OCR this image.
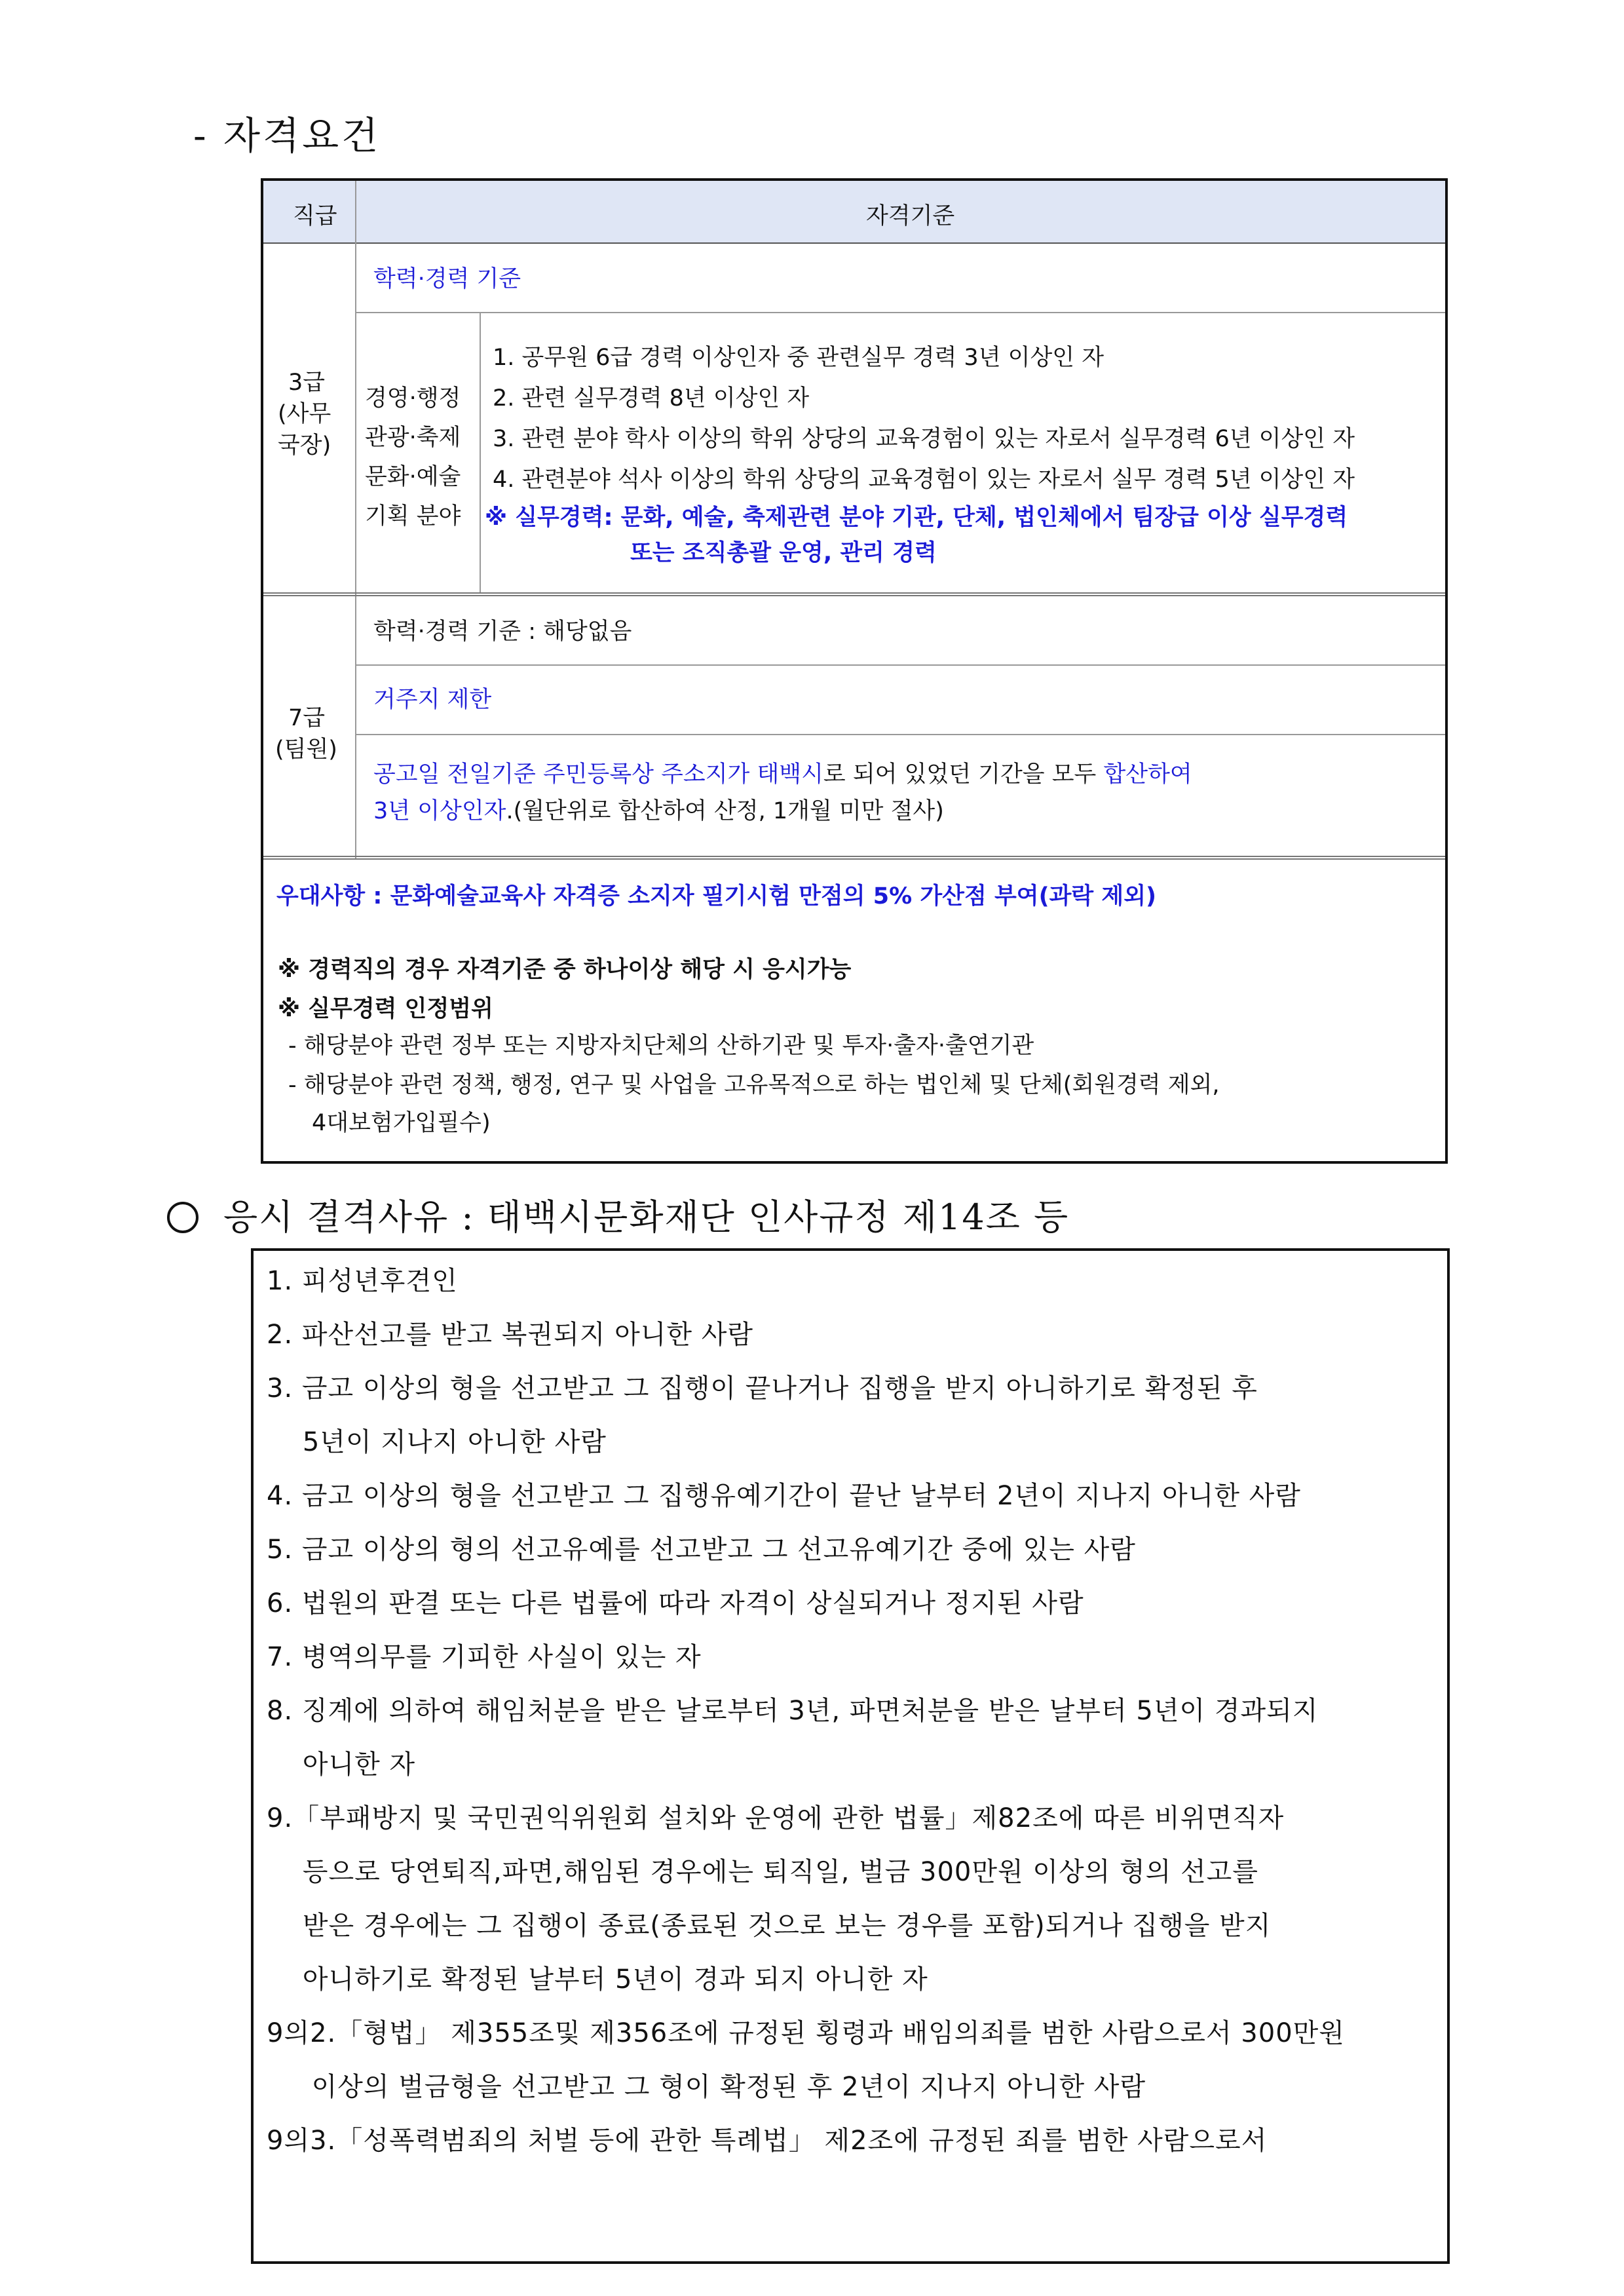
- 자격요건
직급	자격기준
학력·경력 기준
3급
(사무
국장)
경영·행정
관광·축제
문화·예술
기획 분야
1. 공무원 6급 경력 이상인자 중 관련실무 경력 3년 이상인 자
2. 관련 실무경력 8년 이상인 자
3. 관련 분야 학사 이상의 학위 상당의 교육경험이 있는 자로서 실무경력 6년 이상인 자
4. 관련분야 석사 이상의 학위 상당의 교육경험이 있는 자로서 실무 경력 5년 이상인 자
※ 실무경력: 문화, 예술, 축제관련 분야 기관, 단체, 법인체에서 팀장급 이상 실무경력
또는 조직총괄 운영, 관리 경력
학력·경력 기준 : 해당없음
거주지 제한
7급
(팀원)
공고일 전일기준 주민등록상 주소지가 태백시로 되어 있었던 기간을 모두 합산하여
3년 이상인자.(월단위로 합산하여 산정, 1개월 미만 절사)
우대사항 : 문화예술교육사 자격증 소지자 필기시험 만점의 5% 가산점 부여(과락 제외)
※ 경력직의 경우 자격기준 중 하나이상 해당 시 응시가능
※ 실무경력 인정범위
- 해당분야 관련 정부 또는 지방자치단체의 산하기관 및 투자·출자·출연기관
- 해당분야 관련 정책, 행정, 연구 및 사업을 고유목적으로 하는 법인체 및 단체(회원경력 제외,
4대보험가입필수)
응시 결격사유 : 태백시문화재단 인사규정 제14조 등
1. 피성년후견인
2. 파산선고를 받고 복권되지 아니한 사람
3. 금고 이상의 형을 선고받고 그 집행이 끝나거나 집행을 받지 아니하기로 확정된 후
5년이 지나지 아니한 사람
4. 금고 이상의 형을 선고받고 그 집행유예기간이 끝난 날부터 2년이 지나지 아니한 사람
5. 금고 이상의 형의 선고유예를 선고받고 그 선고유예기간 중에 있는 사람
6. 법원의 판결 또는 다른 법률에 따라 자격이 상실되거나 정지된 사람
7. 병역의무를 기피한 사실이 있는 자
8. 징계에 의하여 해임처분을 받은 날로부터 3년, 파면처분을 받은 날부터 5년이 경과되지
아니한 자
9.「부패방지 및 국민권익위원회 설치와 운영에 관한 법률」제82조에 따른 비위면직자
등으로 당연퇴직,파면,해임된 경우에는 퇴직일, 벌금 300만원 이상의 형의 선고를
받은 경우에는 그 집행이 종료(종료된 것으로 보는 경우를 포함)되거나 집행을 받지
아니하기로 확정된 날부터 5년이 경과 되지 아니한 자
9의2.「형법」 제355조및 제356조에 규정된 횡령과 배임의죄를 범한 사람으로서 300만원
이상의 벌금형을 선고받고 그 형이 확정된 후 2년이 지나지 아니한 사람
9의3.「성폭력범죄의 처벌 등에 관한 특례법」 제2조에 규정된 죄를 범한 사람으로서
